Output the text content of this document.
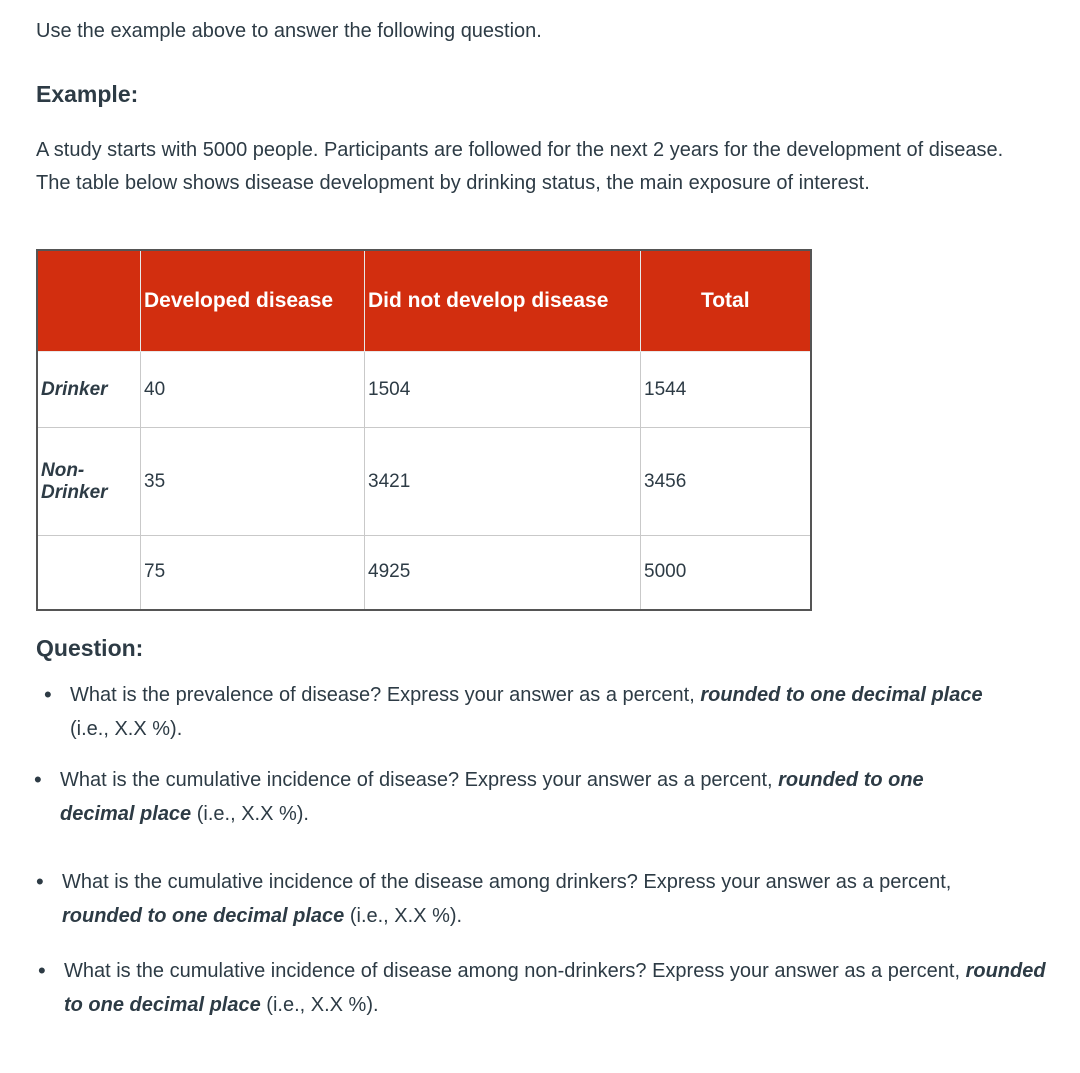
Use the example above to answer the following question.
Example:
A study starts with 5000 people. Participants are followed for the next 2 years for the development of disease. The table below shows disease development by drinking status, the main exposure of interest.
	Developed disease	Did not develop disease	Total
Drinker	40	1504	1544
Non-Drinker	35	3421	3456
	75	4925	5000
Question:
• What is the prevalence of disease? Express your answer as a percent, rounded to one decimal place (i.e., X.X %).
• What is the cumulative incidence of disease? Express your answer as a percent, rounded to one decimal place (i.e., X.X %).
• What is the cumulative incidence of the disease among drinkers? Express your answer as a percent, rounded to one decimal place (i.e., X.X %).
• What is the cumulative incidence of disease among non-drinkers? Express your answer as a percent, rounded to one decimal place (i.e., X.X %).
